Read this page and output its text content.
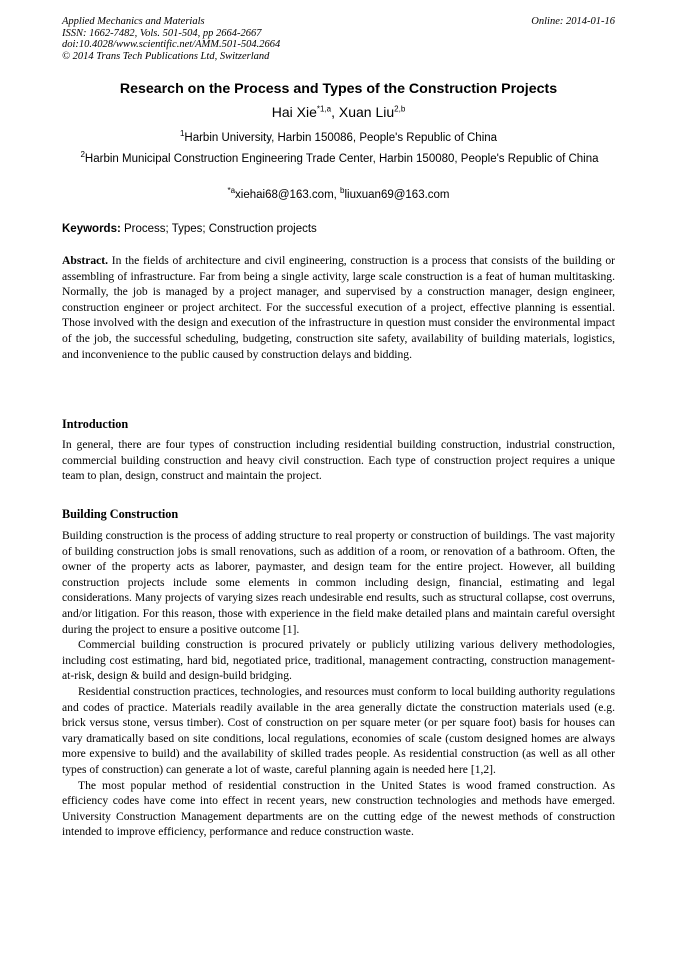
Applied Mechanics and Materials
ISSN: 1662-7482, Vols. 501-504, pp 2664-2667
doi:10.4028/www.scientific.net/AMM.501-504.2664
© 2014 Trans Tech Publications Ltd, Switzerland
Online: 2014-01-16
Research on the Process and Types of the Construction Projects
Hai Xie$^{*1,a}$, Xuan Liu$^{2,b}$
$^1$Harbin University, Harbin 150086, People's Republic of China
$^2$Harbin Municipal Construction Engineering Trade Center, Harbin 150080, People's Republic of China
$^{*a}$xiehai68@163.com, $^b$liuxuan69@163.com
Keywords: Process; Types; Construction projects

Abstract. In the fields of architecture and civil engineering, construction is a process that consists of the building or assembling of infrastructure. Far from being a single activity, large scale construction is a feat of human multitasking. Normally, the job is managed by a project manager, and supervised by a construction manager, design engineer, construction engineer or project architect. For the successful execution of a project, effective planning is essential. Those involved with the design and execution of the infrastructure in question must consider the environmental impact of the job, the successful scheduling, budgeting, construction site safety, availability of building materials, logistics, and inconvenience to the public caused by construction delays and bidding.

Introduction

In general, there are four types of construction including residential building construction, industrial construction, commercial building construction and heavy civil construction. Each type of construction project requires a unique team to plan, design, construct and maintain the project.

Building Construction

Building construction is the process of adding structure to real property or construction of buildings. The vast majority of building construction jobs is small renovations, such as addition of a room, or renovation of a bathroom. Often, the owner of the property acts as laborer, paymaster, and design team for the entire project. However, all building construction projects include some elements in common including design, financial, estimating and legal considerations. Many projects of varying sizes reach undesirable end results, such as structural collapse, cost overruns, and/or litigation. For this reason, those with experience in the field make detailed plans and maintain careful oversight during the project to ensure a positive outcome [1].

Commercial building construction is procured privately or publicly utilizing various delivery methodologies, including cost estimating, hard bid, negotiated price, traditional, management contracting, construction management-at-risk, design & build and design-build bridging.

Residential construction practices, technologies, and resources must conform to local building authority regulations and codes of practice. Materials readily available in the area generally dictate the construction materials used (e.g. brick versus stone, versus timber). Cost of construction on per square meter (or per square foot) basis for houses can vary dramatically based on site conditions, local regulations, economies of scale (custom designed homes are always more expensive to build) and the availability of skilled trades people. As residential construction (as well as all other types of construction) can generate a lot of waste, careful planning again is needed here [1,2].

The most popular method of residential construction in the United States is wood framed construction. As efficiency codes have come into effect in recent years, new construction technologies and methods have emerged. University Construction Management departments are on the cutting edge of the newest methods of construction intended to improve efficiency, performance and reduce construction waste.
